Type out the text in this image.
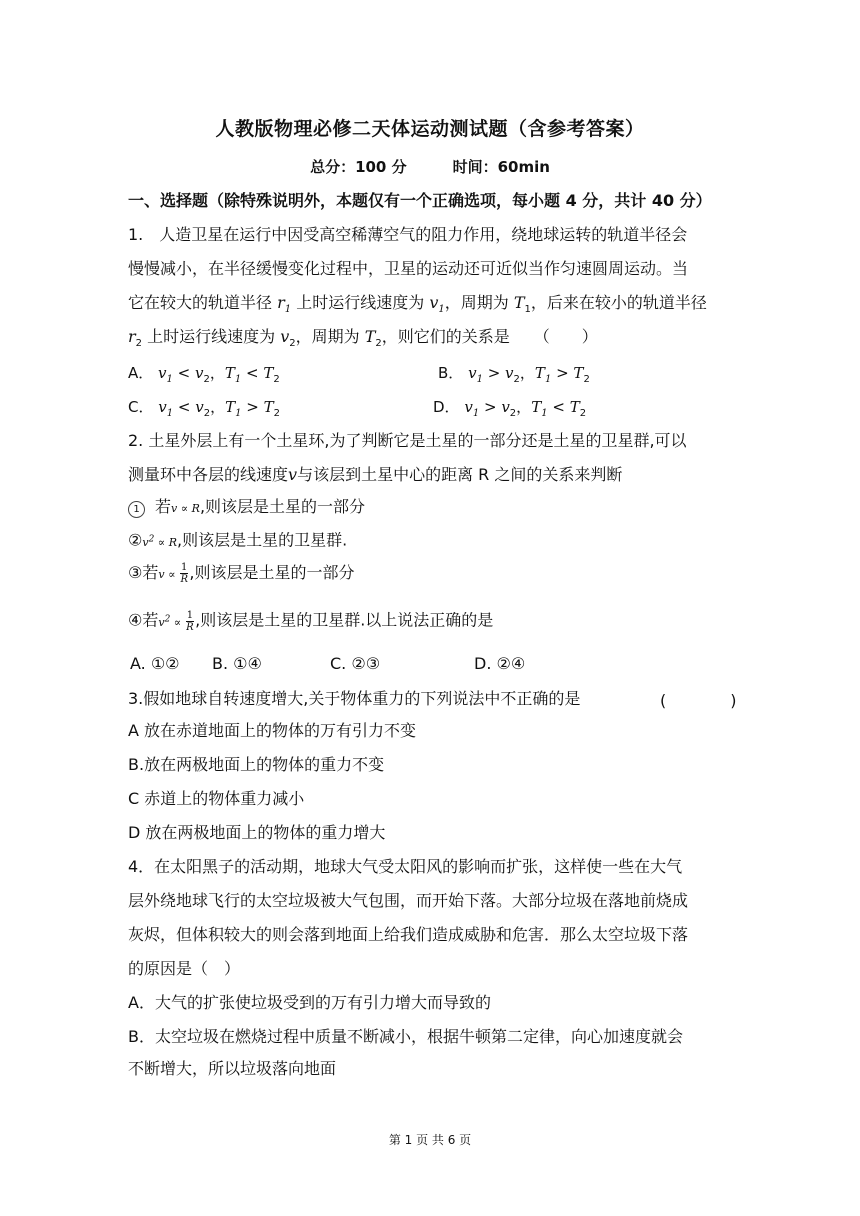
人教版物理必修二天体运动测试题（含参考答案）
总分：100 分	时间：60min
一、选择题（除特殊说明外，本题仅有一个正确选项，每小题 4 分，共计 40 分）
1.　人造卫星在运行中因受高空稀薄空气的阻力作用，绕地球运转的轨道半径会
慢慢减小，在半径缓慢变化过程中，卫星的运动还可近似当作匀速圆周运动。当
它在较大的轨道半径 $r_1$ 上时运行线速度为 $v_1$，周期为 $T_1$，后来在较小的轨道半径
$r_2$ 上时运行线速度为 $v_2$，周期为 $T_2$，则它们的关系是　　（　　）
A． $v_1 < v_2$，$T_1 < T_2$	B． $v_1 > v_2$，$T_1 > T_2$
C． $v_1 < v_2$，$T_1 > T_2$	D． $v_1 > v_2$，$T_1 < T_2$
2. 土星外层上有一个土星环,为了判断它是土星的一部分还是土星的卫星群,可以
测量环中各层的线速度v与该层到土星中心的距离 R 之间的关系来判断
1 若v ∝ R,则该层是土星的一部分
$②v^2 \propto R$,则该层是土星的卫星群.
③若$v \propto \frac{1}{R}$ ,则该层是土星的一部分
④若$v^2 \propto \frac{1}{R}$ ,则该层是土星的卫星群.以上说法正确的是
A. ①② B. ①④	C. ②③	D. ②④
3.假如地球自转速度增大,关于物体重力的下列说法中不正确的是	(　　　　)
A 放在赤道地面上的物体的万有引力不变
B.放在两极地面上的物体的重力不变
C 赤道上的物体重力减小
D 放在两极地面上的物体的重力增大
4．在太阳黑子的活动期，地球大气受太阳风的影响而扩张，这样使一些在大气
层外绕地球飞行的太空垃圾被大气包围，而开始下落。大部分垃圾在落地前烧成
灰烬，但体积较大的则会落到地面上给我们造成威胁和危害．那么太空垃圾下落
的原因是（　）
A．大气的扩张使垃圾受到的万有引力增大而导致的
B．太空垃圾在燃烧过程中质量不断减小，根据牛顿第二定律，向心加速度就会
不断增大，所以垃圾落向地面
第 1 页 共 6 页
